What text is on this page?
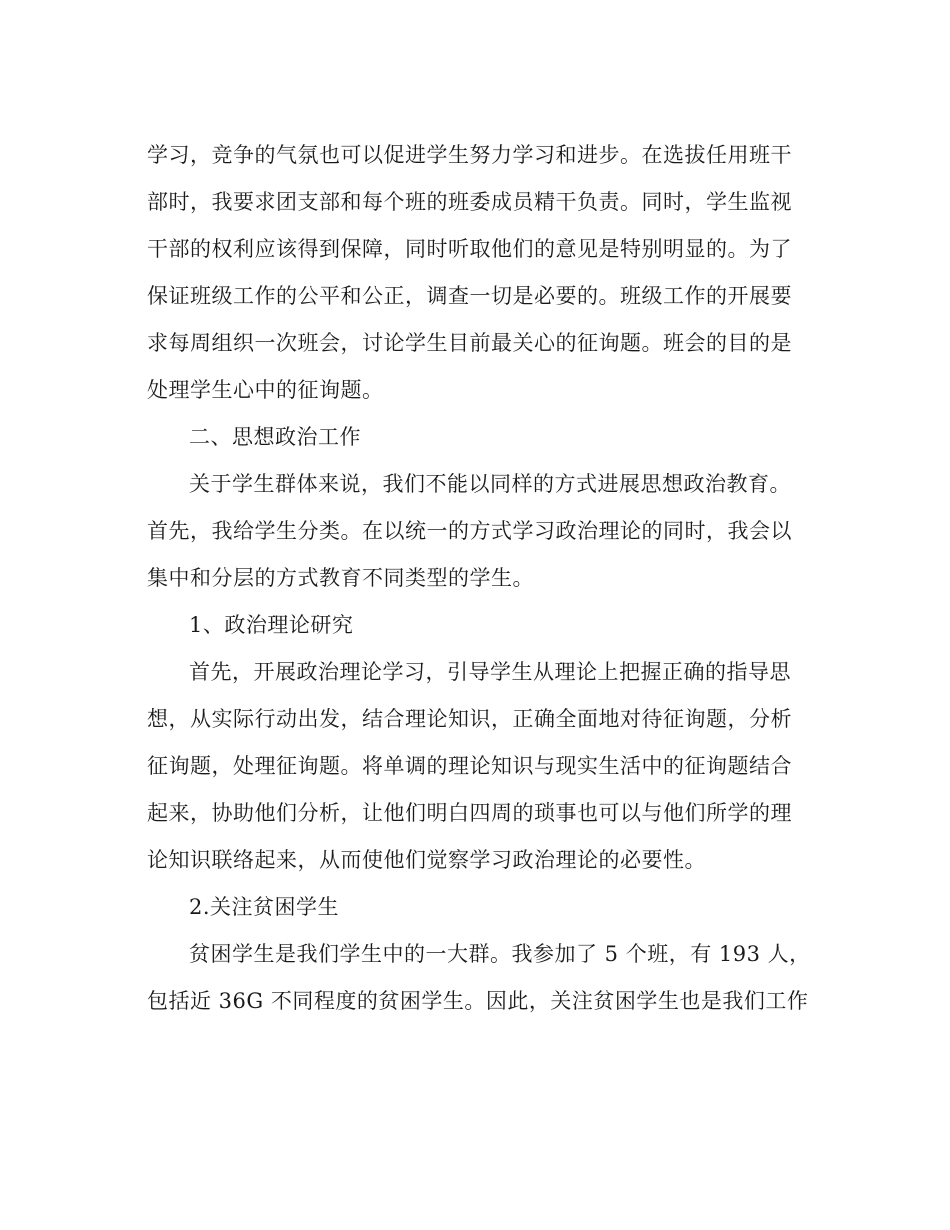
学习，竞争的气氛也可以促进学生努力学习和进步。在选拔任用班干
部时，我要求团支部和每个班的班委成员精干负责。同时，学生监视
干部的权利应该得到保障，同时听取他们的意见是特别明显的。为了
保证班级工作的公平和公正，调查一切是必要的。班级工作的开展要
求每周组织一次班会，讨论学生目前最关心的征询题。班会的目的是
处理学生心中的征询题。
二、思想政治工作
关于学生群体来说，我们不能以同样的方式进展思想政治教育。
首先，我给学生分类。在以统一的方式学习政治理论的同时，我会以
集中和分层的方式教育不同类型的学生。
1、政治理论研究
首先，开展政治理论学习，引导学生从理论上把握正确的指导思
想，从实际行动出发，结合理论知识，正确全面地对待征询题，分析
征询题，处理征询题。将单调的理论知识与现实生活中的征询题结合
起来，协助他们分析，让他们明白四周的琐事也可以与他们所学的理
论知识联络起来，从而使他们觉察学习政治理论的必要性。
2.关注贫困学生
贫困学生是我们学生中的一大群。我参加了 5 个班，有 193 人，
包括近 36G 不同程度的贫困学生。因此，关注贫困学生也是我们工作
